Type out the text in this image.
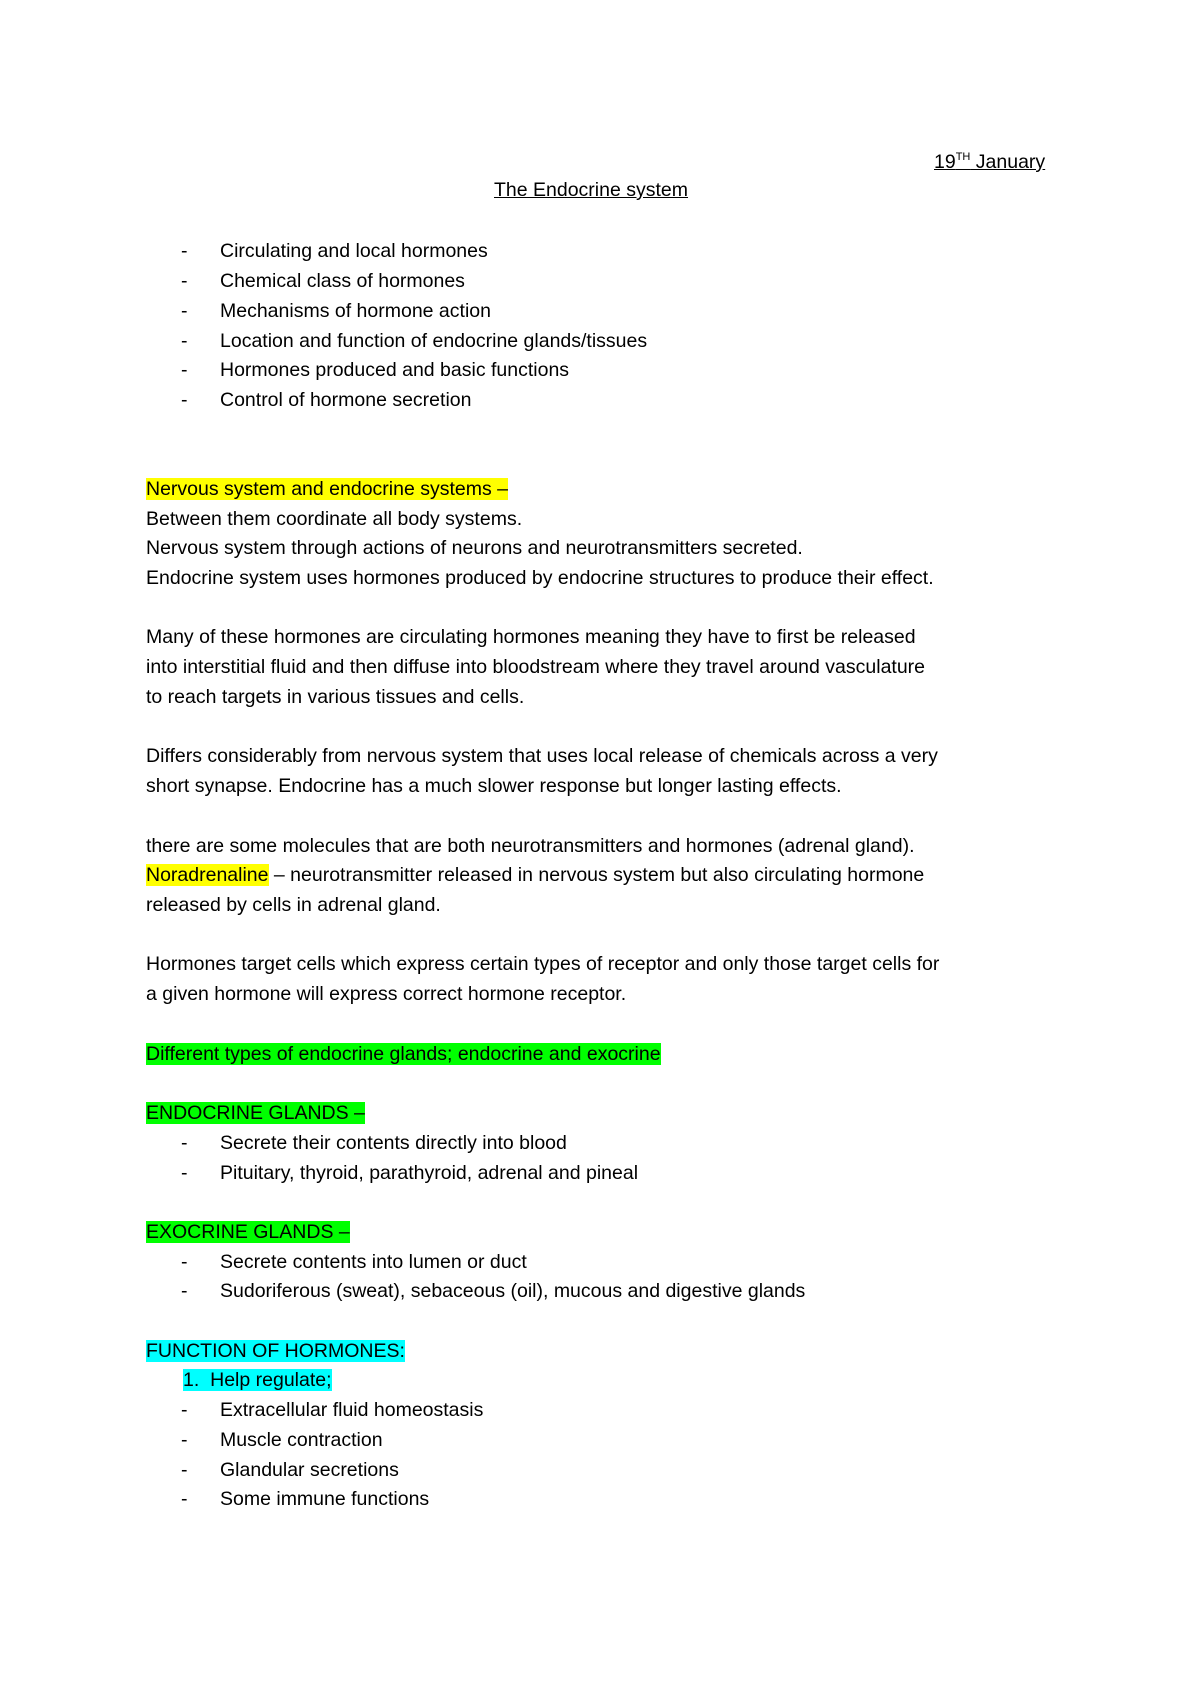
19TH January
The Endocrine system
-	Circulating and local hormones
-	Chemical class of hormones
-	Mechanisms of hormone action
-	Location and function of endocrine glands/tissues
-	Hormones produced and basic functions
-	Control of hormone secretion
Nervous system and endocrine systems –
Between them coordinate all body systems.
Nervous system through actions of neurons and neurotransmitters secreted.
Endocrine system uses hormones produced by endocrine structures to produce their effect.
Many of these hormones are circulating hormones meaning they have to first be released
into interstitial fluid and then diffuse into bloodstream where they travel around vasculature
to reach targets in various tissues and cells.
Differs considerably from nervous system that uses local release of chemicals across a very
short synapse. Endocrine has a much slower response but longer lasting effects.
there are some molecules that are both neurotransmitters and hormones (adrenal gland).
Noradrenaline – neurotransmitter released in nervous system but also circulating hormone
released by cells in adrenal gland.
Hormones target cells which express certain types of receptor and only those target cells for
a given hormone will express correct hormone receptor.
Different types of endocrine glands; endocrine and exocrine
ENDOCRINE GLANDS –
-	Secrete their contents directly into blood
-	Pituitary, thyroid, parathyroid, adrenal and pineal
EXOCRINE GLANDS –
-	Secrete contents into lumen or duct
-	Sudoriferous (sweat), sebaceous (oil), mucous and digestive glands
FUNCTION OF HORMONES:
1. Help regulate;
-	Extracellular fluid homeostasis
-	Muscle contraction
-	Glandular secretions
-	Some immune functions
